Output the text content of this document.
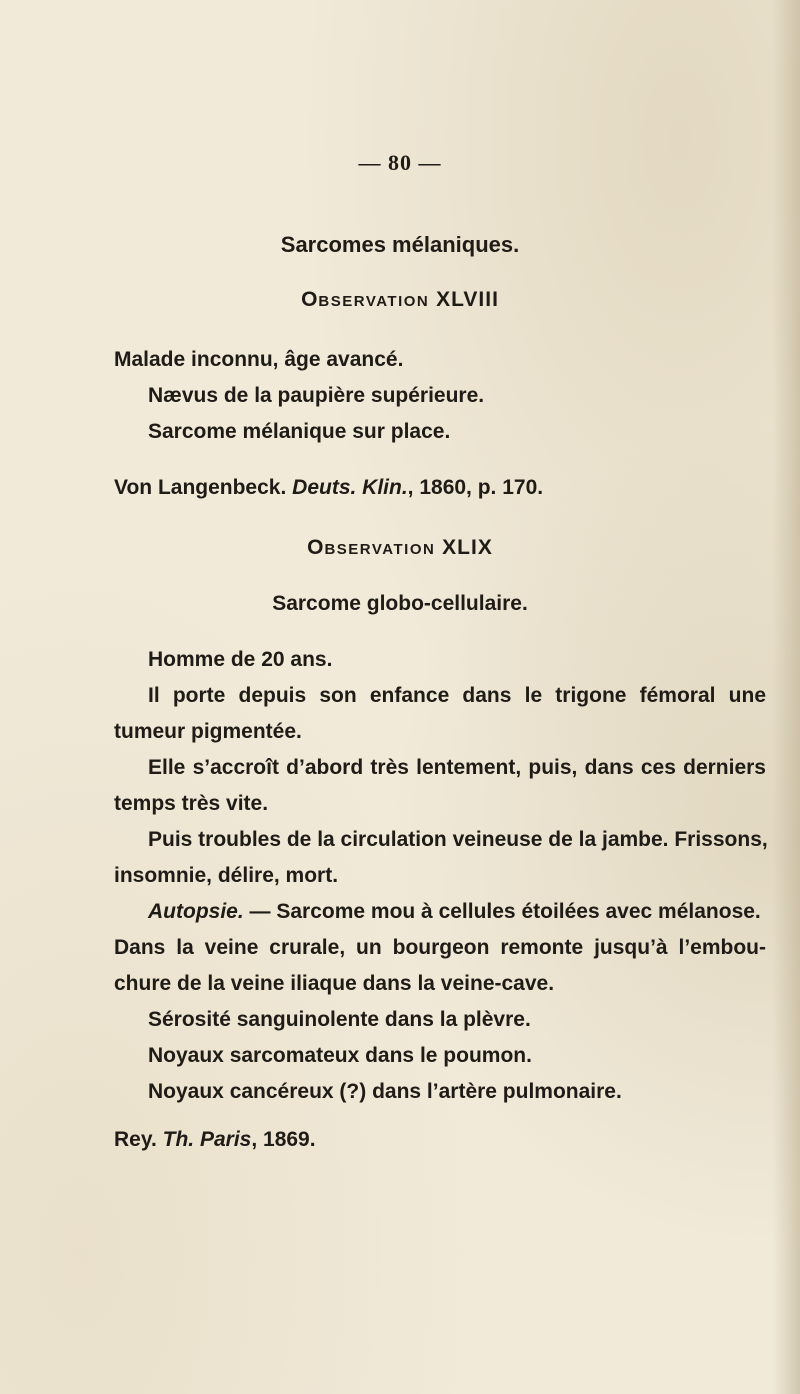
— 80 —
Sarcomes mélaniques.
OBSERVATION XLVIII
Malade inconnu, âge avancé.
Nævus de la paupière supérieure.
Sarcome mélanique sur place.
Von Langenbeck. Deuts. Klin., 1860, p. 170.
OBSERVATION XLIX
Sarcome globo-cellulaire.
Homme de 20 ans.
Il porte depuis son enfance dans le trigone fémoral une
tumeur pigmentée.
Elle s’accroît d’abord très lentement, puis, dans ces derniers
temps très vite.
Puis troubles de la circulation veineuse de la jambe. Frissons,
insomnie, délire, mort.
Autopsie. — Sarcome mou à cellules étoilées avec mélanose.
Dans la veine crurale, un bourgeon remonte jusqu’à l’embou-
chure de la veine iliaque dans la veine-cave.
Sérosité sanguinolente dans la plèvre.
Noyaux sarcomateux dans le poumon.
Noyaux cancéreux (?) dans l’artère pulmonaire.
Rey. Th. Paris, 1869.
